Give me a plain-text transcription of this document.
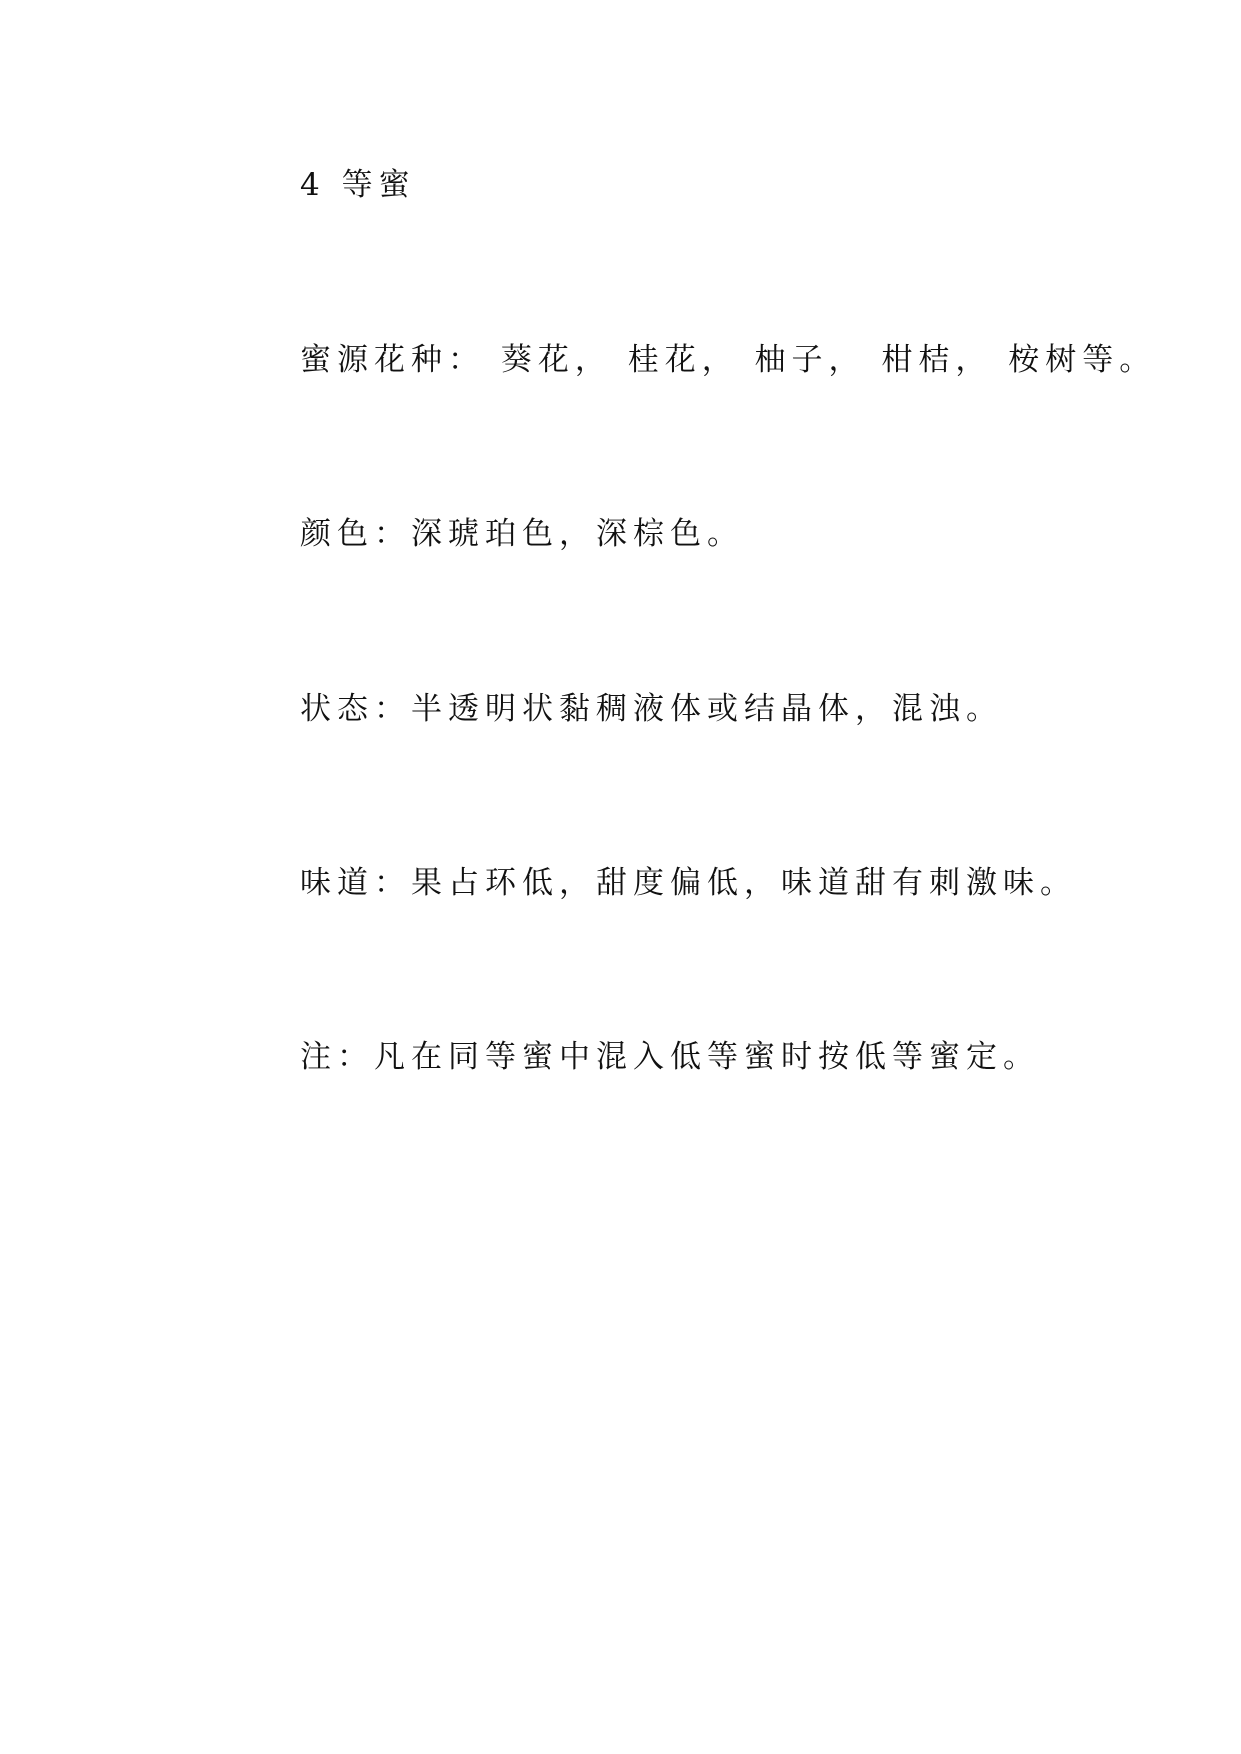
4 等蜜
蜜源花种： 葵花， 桂花， 柚子， 柑桔， 桉树等。
颜色：深琥珀色，深棕色。
状态：半透明状黏稠液体或结晶体，混浊。
味道：果占环低，甜度偏低，味道甜有刺激味。
注：凡在同等蜜中混入低等蜜时按低等蜜定。
